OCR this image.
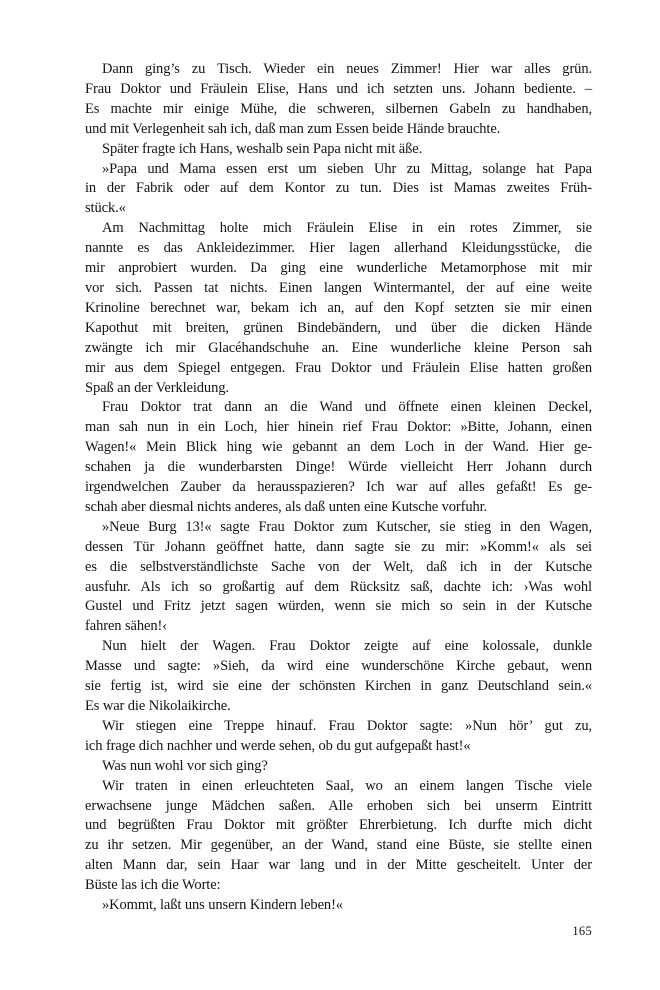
Dann ging’s zu Tisch. Wieder ein neues Zimmer! Hier war alles grün.
Frau Doktor und Fräulein Elise, Hans und ich setzten uns. Johann bediente. –
Es machte mir einige Mühe, die schweren, silbernen Gabeln zu handhaben,
und mit Verlegenheit sah ich, daß man zum Essen beide Hände brauchte.
Später fragte ich Hans, weshalb sein Papa nicht mit äße.
»Papa und Mama essen erst um sieben Uhr zu Mittag, solange hat Papa
in der Fabrik oder auf dem Kontor zu tun. Dies ist Mamas zweites Früh-
stück.«
Am Nachmittag holte mich Fräulein Elise in ein rotes Zimmer, sie
nannte es das Ankleidezimmer. Hier lagen allerhand Kleidungsstücke, die
mir anprobiert wurden. Da ging eine wunderliche Metamorphose mit mir
vor sich. Passen tat nichts. Einen langen Wintermantel, der auf eine weite
Krinoline berechnet war, bekam ich an, auf den Kopf setzten sie mir einen
Kapothut mit breiten, grünen Bindebändern, und über die dicken Hände
zwängte ich mir Glacéhandschuhe an. Eine wunderliche kleine Person sah
mir aus dem Spiegel entgegen. Frau Doktor und Fräulein Elise hatten großen
Spaß an der Verkleidung.
Frau Doktor trat dann an die Wand und öffnete einen kleinen Deckel,
man sah nun in ein Loch, hier hinein rief Frau Doktor: »Bitte, Johann, einen
Wagen!« Mein Blick hing wie gebannt an dem Loch in der Wand. Hier ge-
schahen ja die wunderbarsten Dinge! Würde vielleicht Herr Johann durch
irgendwelchen Zauber da herausspazieren? Ich war auf alles gefaßt! Es ge-
schah aber diesmal nichts anderes, als daß unten eine Kutsche vorfuhr.
»Neue Burg 13!« sagte Frau Doktor zum Kutscher, sie stieg in den Wagen,
dessen Tür Johann geöffnet hatte, dann sagte sie zu mir: »Komm!« als sei
es die selbstverständlichste Sache von der Welt, daß ich in der Kutsche
ausfuhr. Als ich so großartig auf dem Rücksitz saß, dachte ich: ›Was wohl
Gustel und Fritz jetzt sagen würden, wenn sie mich so sein in der Kutsche
fahren sähen!‹
Nun hielt der Wagen. Frau Doktor zeigte auf eine kolossale, dunkle
Masse und sagte: »Sieh, da wird eine wunderschöne Kirche gebaut, wenn
sie fertig ist, wird sie eine der schönsten Kirchen in ganz Deutschland sein.«
Es war die Nikolaikirche.
Wir stiegen eine Treppe hinauf. Frau Doktor sagte: »Nun hör’ gut zu,
ich frage dich nachher und werde sehen, ob du gut aufgepaßt hast!«
Was nun wohl vor sich ging?
Wir traten in einen erleuchteten Saal, wo an einem langen Tische viele
erwachsene junge Mädchen saßen. Alle erhoben sich bei unserm Eintritt
und begrüßten Frau Doktor mit größter Ehrerbietung. Ich durfte mich dicht
zu ihr setzen. Mir gegenüber, an der Wand, stand eine Büste, sie stellte einen
alten Mann dar, sein Haar war lang und in der Mitte gescheitelt. Unter der
Büste las ich die Worte:
»Kommt, laßt uns unsern Kindern leben!«
165
